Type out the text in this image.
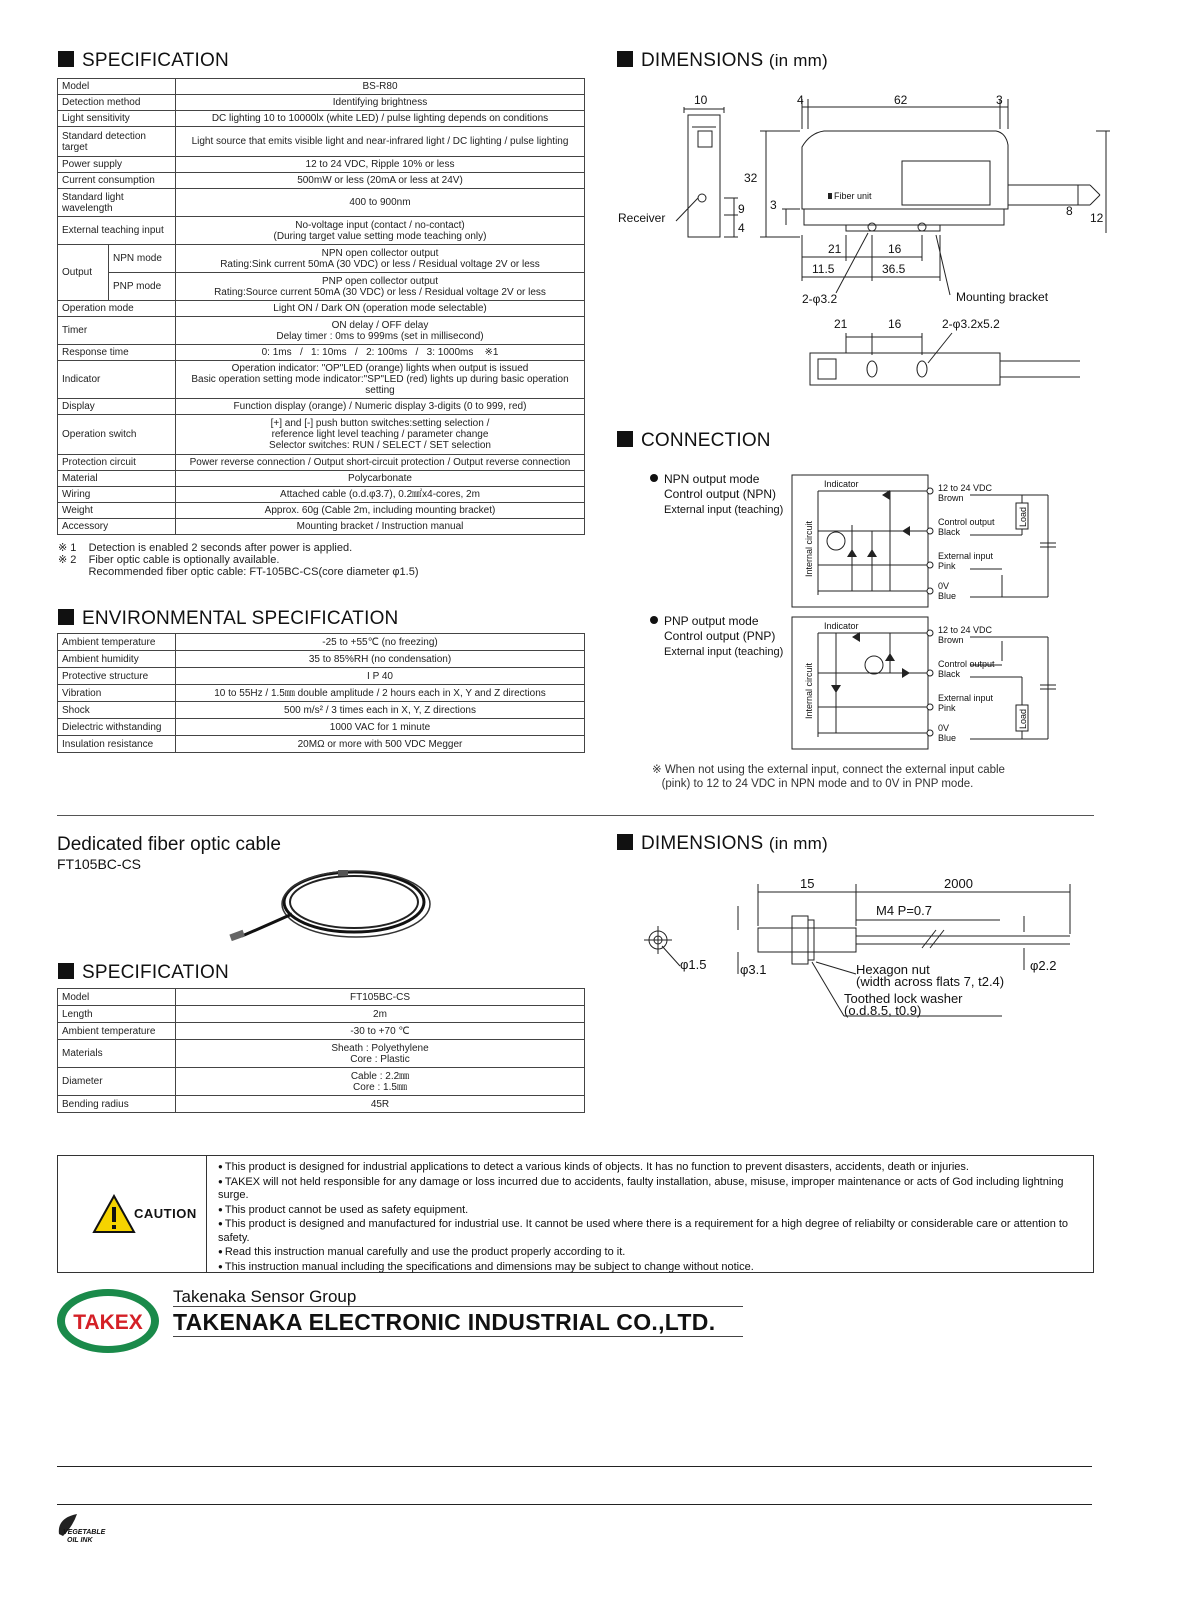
SPECIFICATION
Model		BS-R80
Detection method		Identifying brightness
Light sensitivity		DC lighting 10 to 10000lx (white LED) / pulse lighting depends on conditions
Standard detection target		Light source that emits visible light and near-infrared light / DC lighting / pulse lighting
Power supply		12 to 24 VDC, Ripple 10% or less
Current consumption		500mW or less (20mA or less at 24V)
Standard light wavelength		400 to 900nm
External teaching input		No-voltage input (contact / no-contact)
(During target value setting mode teaching only)
Output	NPN mode	NPN open collector output
Rating:Sink current 50mA (30 VDC) or less / Residual voltage 2V or less
	PNP mode	PNP open collector output
Rating:Source current 50mA (30 VDC) or less / Residual voltage 2V or less
Operation mode		Light ON / Dark ON (operation mode selectable)
Timer		ON delay / OFF delay
Delay timer : 0ms to 999ms (set in millisecond)
Response time		0: 1ms   /   1: 10ms   /   2: 100ms   /   3: 1000ms    ※1
Indicator		Operation indicator: "OP"LED (orange) lights when output is issued
Basic operation setting mode indicator:"SP"LED (red) lights up during basic operation setting
Display		Function display (orange) / Numeric display 3-digits (0 to 999, red)
Operation switch		[+] and [-] push button switches:setting selection /
reference light level teaching / parameter change
Selector switches: RUN / SELECT / SET selection
Protection circuit		Power reverse connection / Output short-circuit protection / Output reverse connection
Material		Polycarbonate
Wiring		Attached cable (o.d.φ3.7), 0.2㎟x4-cores, 2m
Weight		Approx. 60g (Cable 2m, including mounting bracket)
Accessory		Mounting bracket / Instruction manual
※ 1    Detection is enabled 2 seconds after power is applied.
※ 2    Fiber optic cable is optionally available.
Recommended fiber optic cable: FT-105BC-CS(core diameter φ1.5)
ENVIRONMENTAL SPECIFICATION
Ambient temperature	-25 to +55℃ (no freezing)
Ambient humidity	35 to 85%RH (no condensation)
Protective structure	I P 40
Vibration	10 to 55Hz / 1.5㎜ double amplitude / 2 hours each in X, Y and Z directions
Shock	500 m/s² / 3 times each in X, Y, Z directions
Dielectric withstanding	1000 VAC for 1 minute
Insulation resistance	20MΩ or more with 500 VDC Megger
DIMENSIONS (in mm)
Fiber unit
10	4	62	3
32
9
4
3	8 12
Receiver
21	16
11.5	36.5
2-φ3.2	Mounting bracket
21	16	2-φ3.2x5.2
CONNECTION
NPN output mode
Control output (NPN)
External input (teaching)
PNP output mode
Control output (PNP)
External input (teaching)
Indicator
Internal circuit
Load
12 to 24 VDC
Brown
Control output
Black
External input
Pink
0V
Blue
Indicator
Internal circuit	Load
12 to 24 VDC
Brown
Control output
Black
External input
Pink
0V
Blue
※ When not using the external input, connect the external input cable
(pink) to 12 to 24 VDC in NPN mode and to 0V in PNP mode.
Dedicated fiber optic cable
FT105BC-CS
SPECIFICATION
Model	FT105BC-CS
Length	2m
Ambient temperature	-30 to +70 ℃
Materials	Sheath : Polyethylene
Core : Plastic
Diameter	Cable : 2.2㎜
Core : 1.5㎜
Bending radius	45R
DIMENSIONS (in mm)
15	2000
M4 P=0.7
φ1.5	φ3.1	φ2.2
Hexagon nut
(width across flats 7, t2.4)
Toothed lock washer
(o.d.8.5, t0.9)
CAUTION
● This product is designed for industrial applications to detect a various kinds of objects. It has no function to prevent disasters, accidents, death or injuries.
● TAKEX will not held responsible for any damage or loss incurred due to accidents, faulty installation, abuse, misuse, improper maintenance or acts of God including lightning surge.
● This product cannot be used as safety equipment.
● This product is designed and manufactured for industrial use. It cannot be used where there is a requirement for a high degree of reliabilty or considerable care or attention to safety.
● Read this instruction manual carefully and use the product properly according to it.
● This instruction manual including the specifications and dimensions may be subject to change without notice.
TAKEX
Takenaka Sensor Group
TAKENAKA ELECTRONIC INDUSTRIAL CO.,LTD.
VEGETABLE
OIL INK
